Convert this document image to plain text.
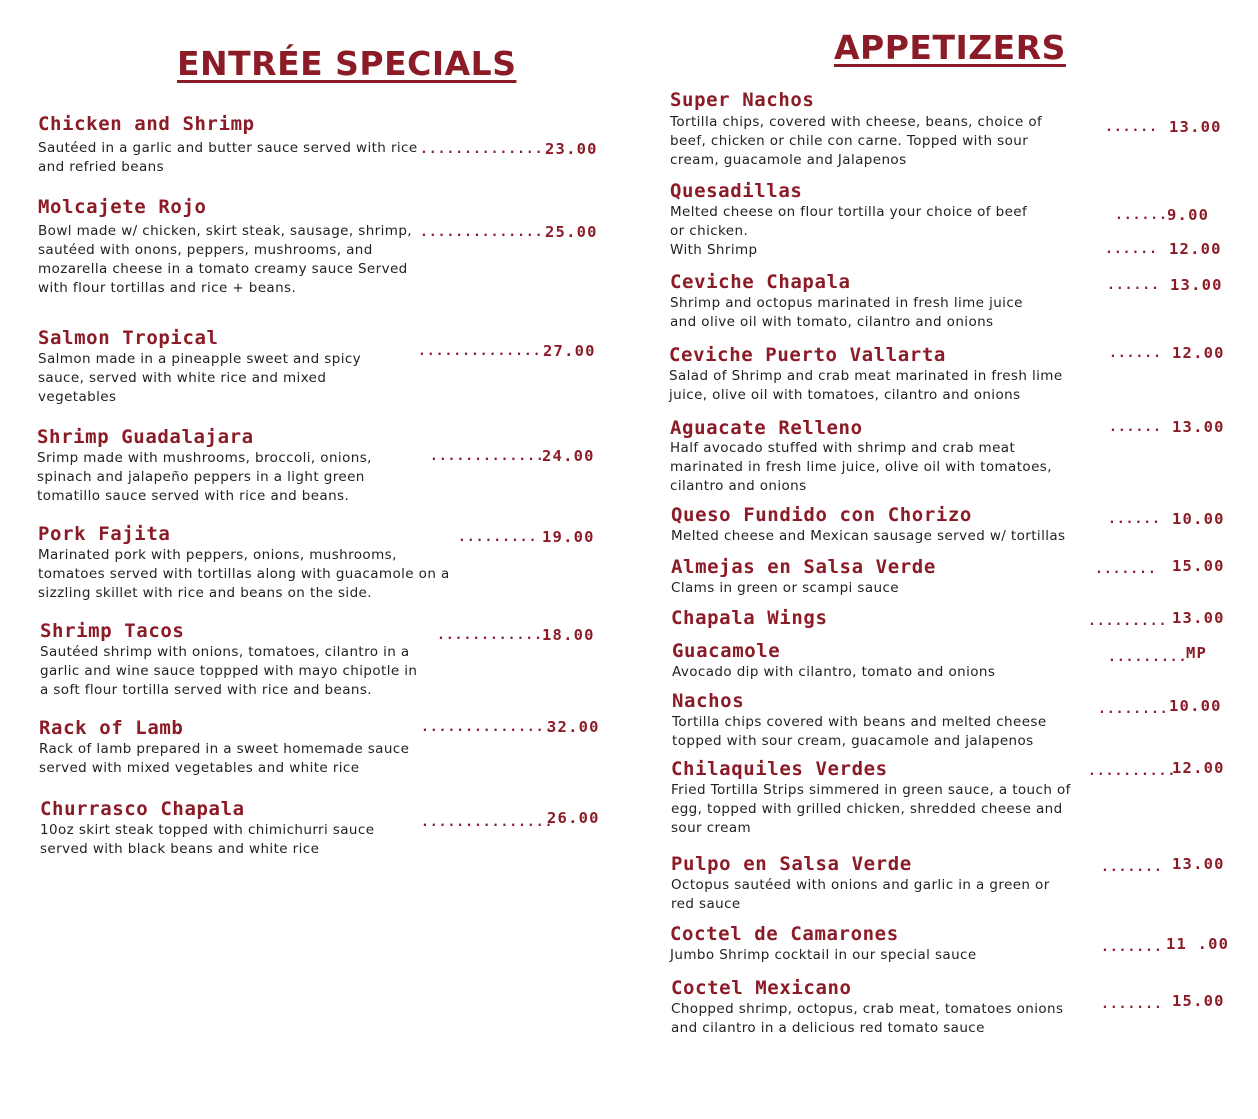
ENTRÉE SPECIALS
Chicken and Shrimp
Sautéed in a garlic and butter sauce served with rice and refried beans
...............
23.00
Molcajete Rojo
Bowl made w/ chicken, skirt steak, sausage, shrimp, sautéed with onons, peppers, mushrooms, and mozarella cheese in a tomato creamy sauce Served with flour tortillas and rice + beans.
...............
25.00
Salmon Tropical
Salmon made in a pineapple sweet and spicy sauce, served with white rice and mixed vegetables
...............
27.00
Shrimp Guadalajara
Srimp made with mushrooms, broccoli, onions, spinach and jalapeño peppers in a light green tomatillo sauce served with rice and beans.
.............
24.00
Pork Fajita
Marinated pork with peppers, onions, mushrooms, tomatoes served with tortillas along with guacamole on a sizzling skillet with rice and beans on the side.
......... 19.00
Shrimp Tacos
Sautéed shrimp with onions, tomatoes, cilantro in a garlic and wine sauce toppped with mayo chipotle in a soft flour tortilla served with rice and beans.
.............
18.00
Rack of Lamb
Rack of lamb prepared in a sweet homemade sauce served with mixed vegetables and white rice
...............
32.00
Churrasco Chapala
10oz skirt steak topped with chimichurri sauce served with black beans and white rice
...............
26.00
APPETIZERS
Super Nachos
Tortilla chips, covered with cheese, beans, choice of beef, chicken or chile con carne. Topped with sour cream, guacamole and Jalapenos
...... 13.00
Quesadillas
Melted cheese on flour tortilla your choice of beef or chicken.
With Shrimp
...... 9.00
...... 12.00
Ceviche Chapala
Shrimp and octopus marinated in fresh lime juice and olive oil with tomato, cilantro and onions
...... 13.00
Ceviche Puerto Vallarta
Salad of Shrimp and crab meat marinated in fresh lime juice, olive oil with tomatoes, cilantro and onions
...... 12.00
Aguacate Relleno
Half avocado stuffed with shrimp and crab meat marinated in fresh lime juice, olive oil with tomatoes, cilantro and onions
...... 13.00
Queso Fundido con Chorizo
Melted cheese and Mexican sausage served w/ tortillas
...... 10.00
Almejas en Salsa Verde
Clams in green or scampi sauce
....... 15.00
Chapala Wings	......... 13.00
Guacamole
Avocado dip with cilantro, tomato and onions
.........
MP
Nachos
Tortilla chips covered with beans and melted cheese topped with sour cream, guacamole and jalapenos
........ 10.00
Chilaquiles Verdes
Fried Tortilla Strips simmered in green sauce, a touch of egg, topped with grilled chicken, shredded cheese and sour cream
..........
12.00
Pulpo en Salsa Verde
Octopus sautéed with onions and garlic in a green or red sauce
....... 13.00
Coctel de Camarones
Jumbo Shrimp cocktail in our special sauce	....... 11 .00
Coctel Mexicano
Chopped shrimp, octopus, crab meat, tomatoes onions and cilantro in a delicious red tomato sauce
....... 15.00
